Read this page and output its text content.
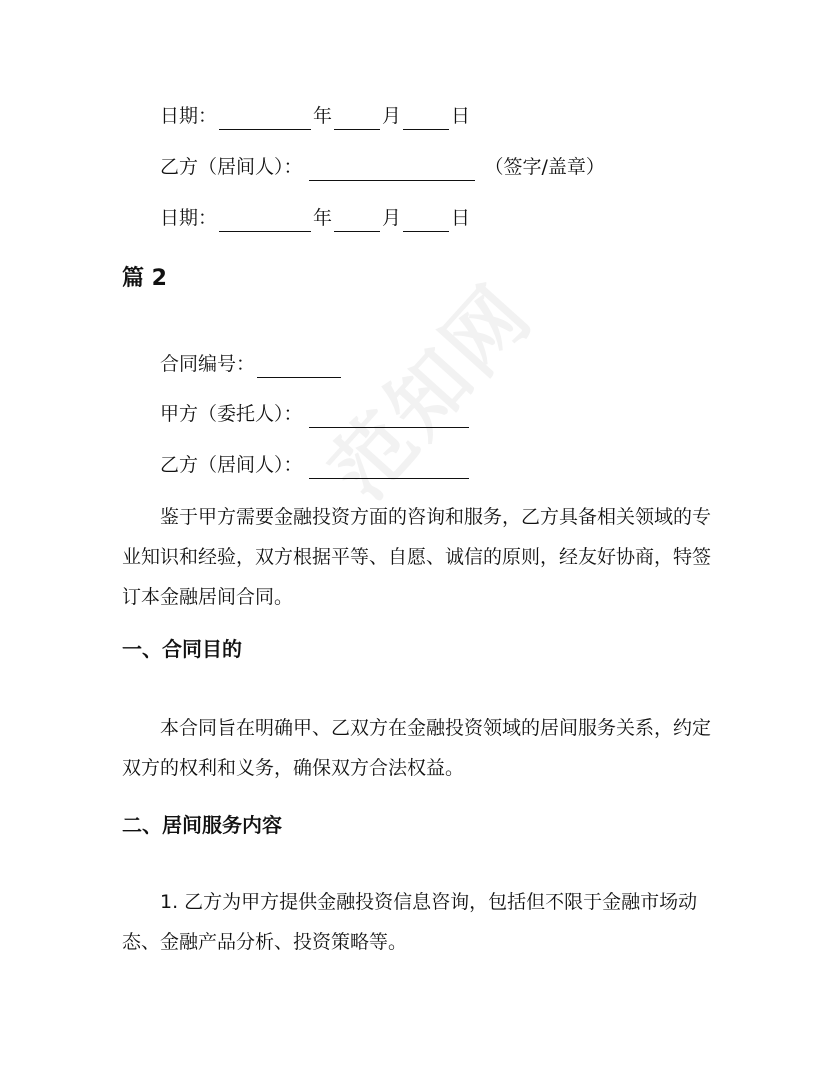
范知网
日期：	年	月	日
乙方（居间人）：	（签字/盖章）
日期：	年	月	日
篇 2
合同编号：
甲方（委托人）：
乙方（居间人）：
鉴于甲方需要金融投资方面的咨询和服务，乙方具备相关领域的专业知识和经验，双方根据平等、自愿、诚信的原则，经友好协商，特签订本金融居间合同。
一、合同目的
本合同旨在明确甲、乙双方在金融投资领域的居间服务关系，约定双方的权利和义务，确保双方合法权益。
二、居间服务内容
1. 乙方为甲方提供金融投资信息咨询，包括但不限于金融市场动态、金融产品分析、投资策略等。
